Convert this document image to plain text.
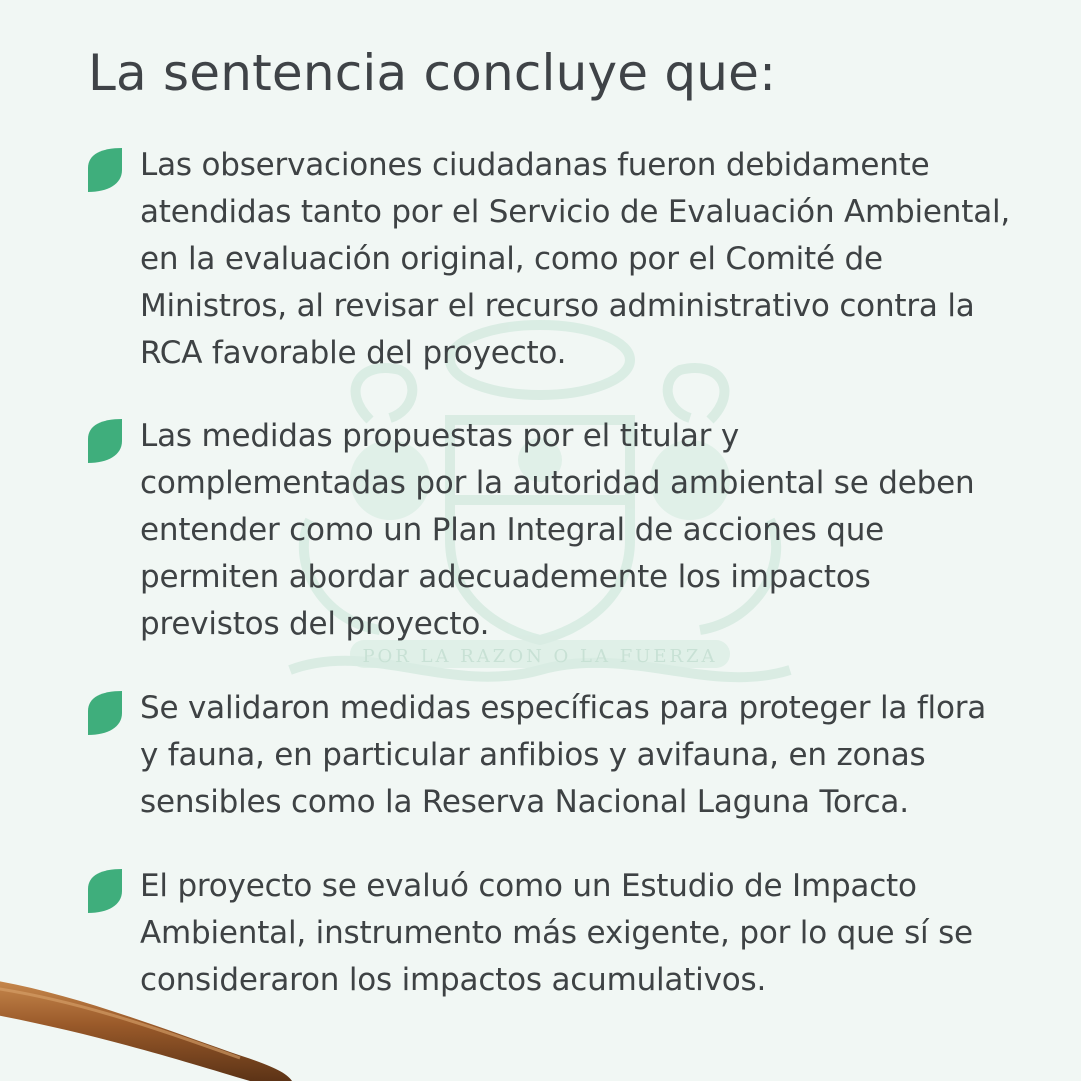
POR LA RAZON O LA FUERZA
La sentencia concluye que:

Las observaciones ciudadanas fueron debidamente
atendidas tanto por el Servicio de Evaluación Ambiental,
en la evaluación original, como por el Comité de
Ministros, al revisar el recurso administrativo contra la
RCA favorable del proyecto.

Las medidas propuestas por el titular y
complementadas por la autoridad ambiental se deben
entender como un Plan Integral de acciones que
permiten abordar adecuademente los impactos
previstos del proyecto.

Se validaron medidas específicas para proteger la flora
y fauna, en particular anfibios y avifauna, en zonas
sensibles como la Reserva Nacional Laguna Torca.

El proyecto se evaluó como un Estudio de Impacto
Ambiental, instrumento más exigente, por lo que sí se
consideraron los impactos acumulativos.
